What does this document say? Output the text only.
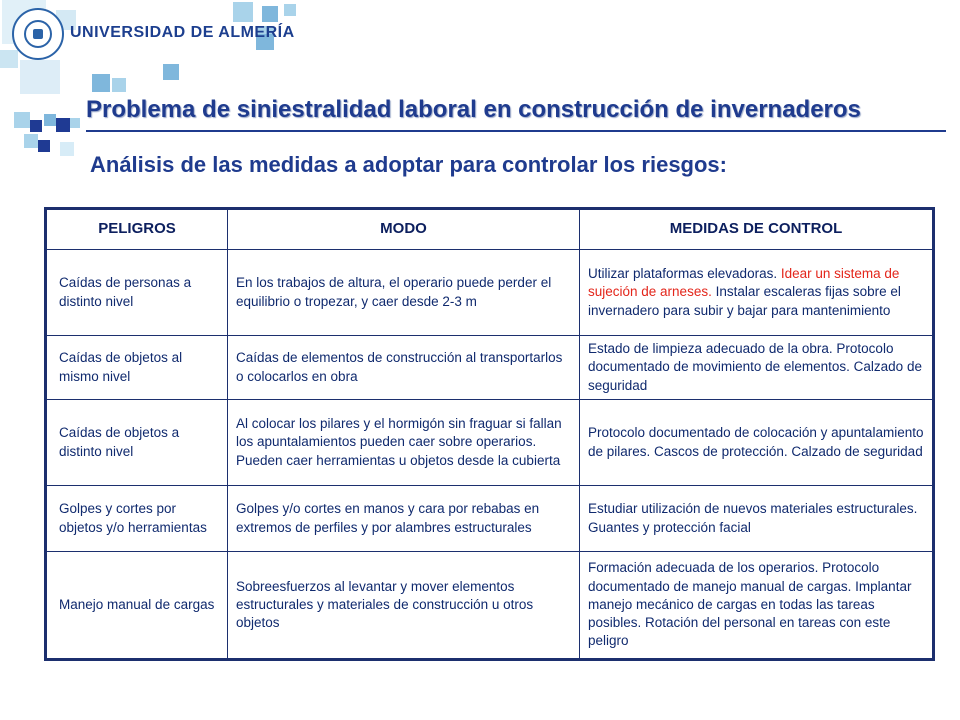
UNIVERSIDAD DE ALMERÍA
Problema de siniestralidad laboral en construcción de invernaderos
Análisis de las medidas a adoptar para controlar los riesgos:
PELIGROS	MODO	MEDIDAS DE CONTROL
Caídas de personas a distinto nivel	En los trabajos de altura, el operario puede perder el equilibrio o tropezar, y caer desde 2-3 m	Utilizar plataformas elevadoras. Idear un sistema de sujeción de arneses. Instalar escaleras fijas sobre el invernadero para subir y bajar para mantenimiento
Caídas de objetos al mismo nivel	Caídas de elementos de construcción al transportarlos o colocarlos en obra	Estado de limpieza adecuado de la obra. Protocolo documentado de movimiento de elementos. Calzado de seguridad
Caídas de objetos a distinto nivel	Al colocar los pilares y el hormigón sin fraguar si fallan los apuntalamientos pueden caer sobre operarios. Pueden caer herramientas u objetos desde la cubierta	Protocolo documentado de colocación y apuntalamiento de pilares. Cascos de protección. Calzado de seguridad
Golpes y cortes por objetos y/o herramientas	Golpes y/o cortes en manos y cara por rebabas en extremos de perfiles y por alambres estructurales	Estudiar utilización de nuevos materiales estructurales. Guantes y protección facial
Manejo manual de cargas	Sobreesfuerzos al levantar y mover elementos estructurales y materiales de construcción u otros objetos	Formación adecuada de los operarios. Protocolo documentado de manejo manual de cargas. Implantar manejo mecánico de cargas en todas las tareas posibles. Rotación del personal en tareas con este peligro
